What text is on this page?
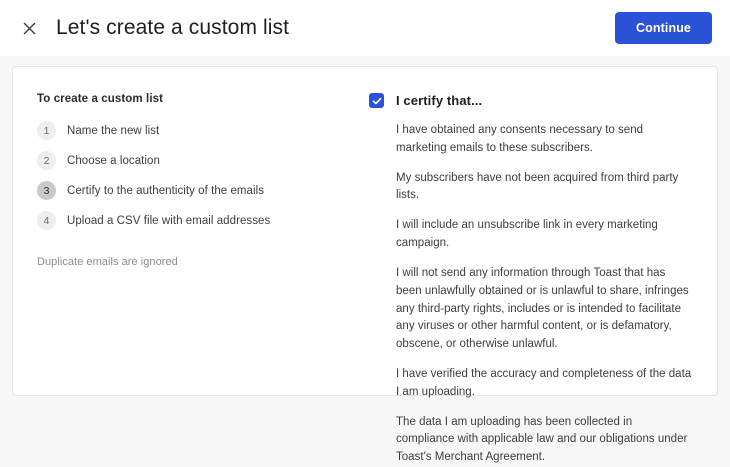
Let's create a custom list	Continue
To create a custom list
1	Name the new list
2	Choose a location
3	Certify to the authenticity of the emails
4	Upload a CSV file with email addresses
Duplicate emails are ignored
I certify that...

I have obtained any consents necessary to send marketing emails to these subscribers.

My subscribers have not been acquired from third party lists.

I will include an unsubscribe link in every marketing campaign.

I will not send any information through Toast that has been unlawfully obtained or is unlawful to share, infringes any third-party rights, includes or is intended to facilitate any viruses or other harmful content, or is defamatory, obscene, or otherwise unlawful.

I have verified the accuracy and completeness of the data I am uploading.

The data I am uploading has been collected in compliance with applicable law and our obligations under Toast's Merchant Agreement.
